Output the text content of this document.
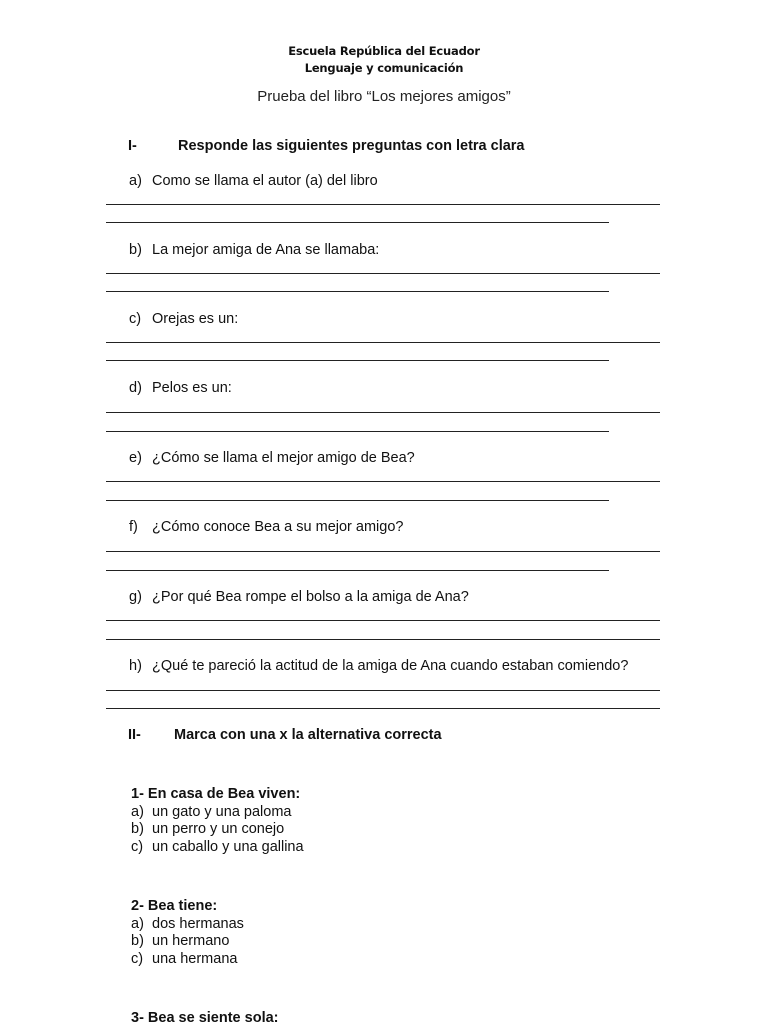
Escuela República del Ecuador
Lenguaje y comunicación
Prueba del libro “Los mejores amigos”
I-	Responde las siguientes preguntas con letra clara
a) Como se llama el autor (a) del libro
b) La mejor amiga de Ana se llamaba:
c) Orejas es un:
d) Pelos es un:
e) ¿Cómo se llama el mejor amigo de Bea?
f) ¿Cómo conoce Bea a su mejor amigo?
g) ¿Por qué Bea rompe el bolso a la amiga de Ana?
h) ¿Qué te pareció la actitud de la amiga de Ana cuando estaban comiendo?
II- Marca con una x la alternativa correcta
1- En casa de Bea viven:
a) un gato y una paloma
b) un perro y un conejo
c) un caballo y una gallina
2- Bea tiene:
a) dos hermanas
b) un hermano
c) una hermana
3- Bea se siente sola:
